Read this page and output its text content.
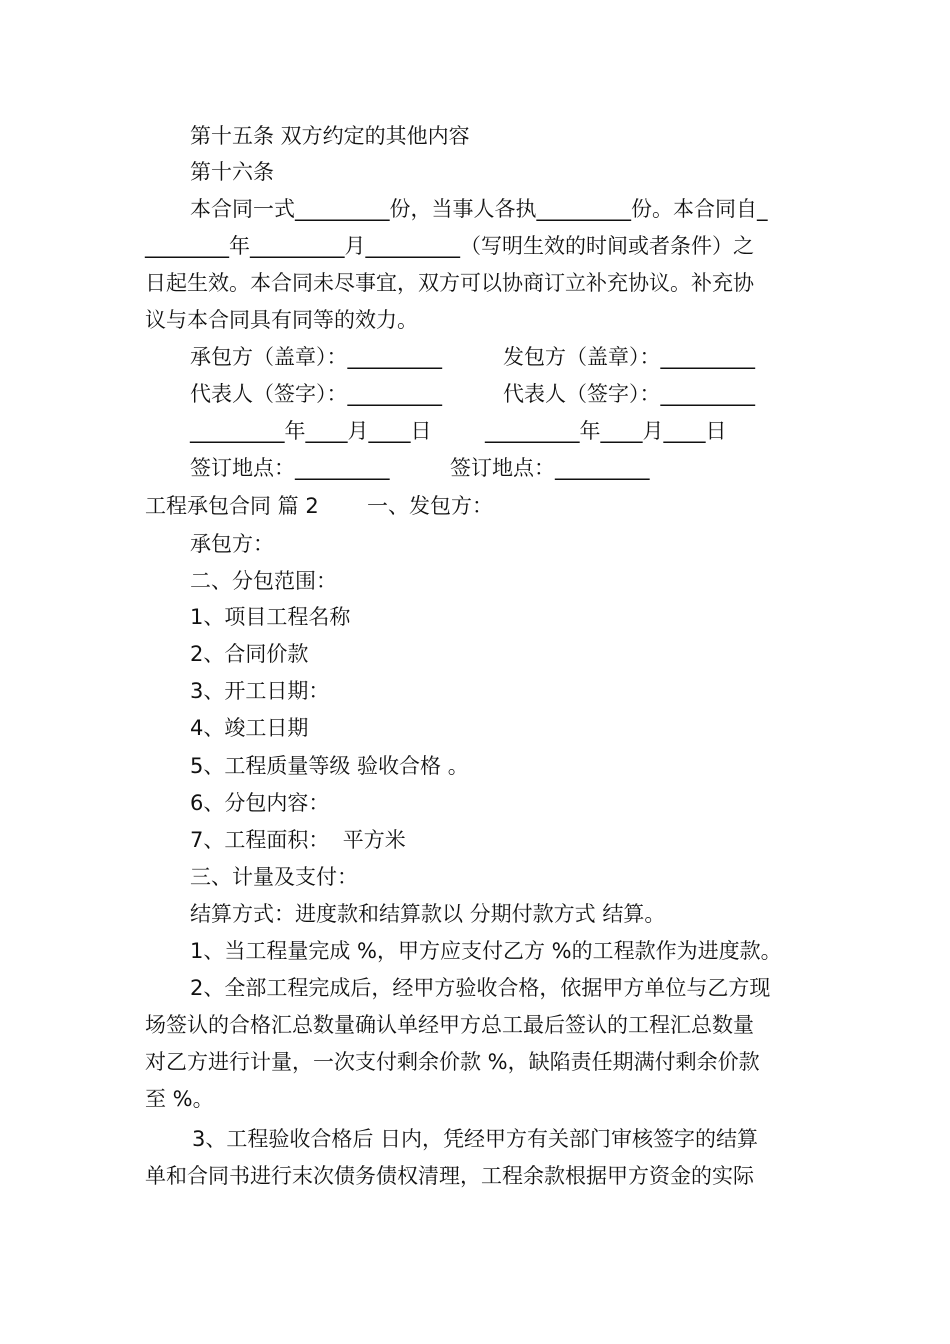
第十五条 双方约定的其他内容
第十六条
本合同一式_________份，当事人各执_________份。本合同自_
________年_________月_________（写明生效的时间或者条件）之
日起生效。本合同未尽事宜，双方可以协商订立补充协议。补充协
议与本合同具有同等的效力。
承包方（盖章）：_________	发包方（盖章）：_________
代表人（签字）：_________	代表人（签字）：_________
_________年____月____日	_________年____月____日
签订地点：_________	签订地点：_________
工程承包合同 篇 2 一、发包方：
承包方：
二、分包范围：
1、项目工程名称
2、合同价款
3、开工日期：
4、竣工日期
5、工程质量等级 验收合格 。
6、分包内容：
7、工程面积：  平方米
三、计量及支付：
结算方式：进度款和结算款以 分期付款方式 结算。
1、当工程量完成 %，甲方应支付乙方 %的工程款作为进度款。
2、全部工程完成后，经甲方验收合格，依据甲方单位与乙方现
场签认的合格汇总数量确认单经甲方总工最后签认的工程汇总数量
对乙方进行计量，一次支付剩余价款 %，缺陷责任期满付剩余价款
至 %。
3、工程验收合格后 日内，凭经甲方有关部门审核签字的结算
单和合同书进行末次债务债权清理，工程余款根据甲方资金的实际
